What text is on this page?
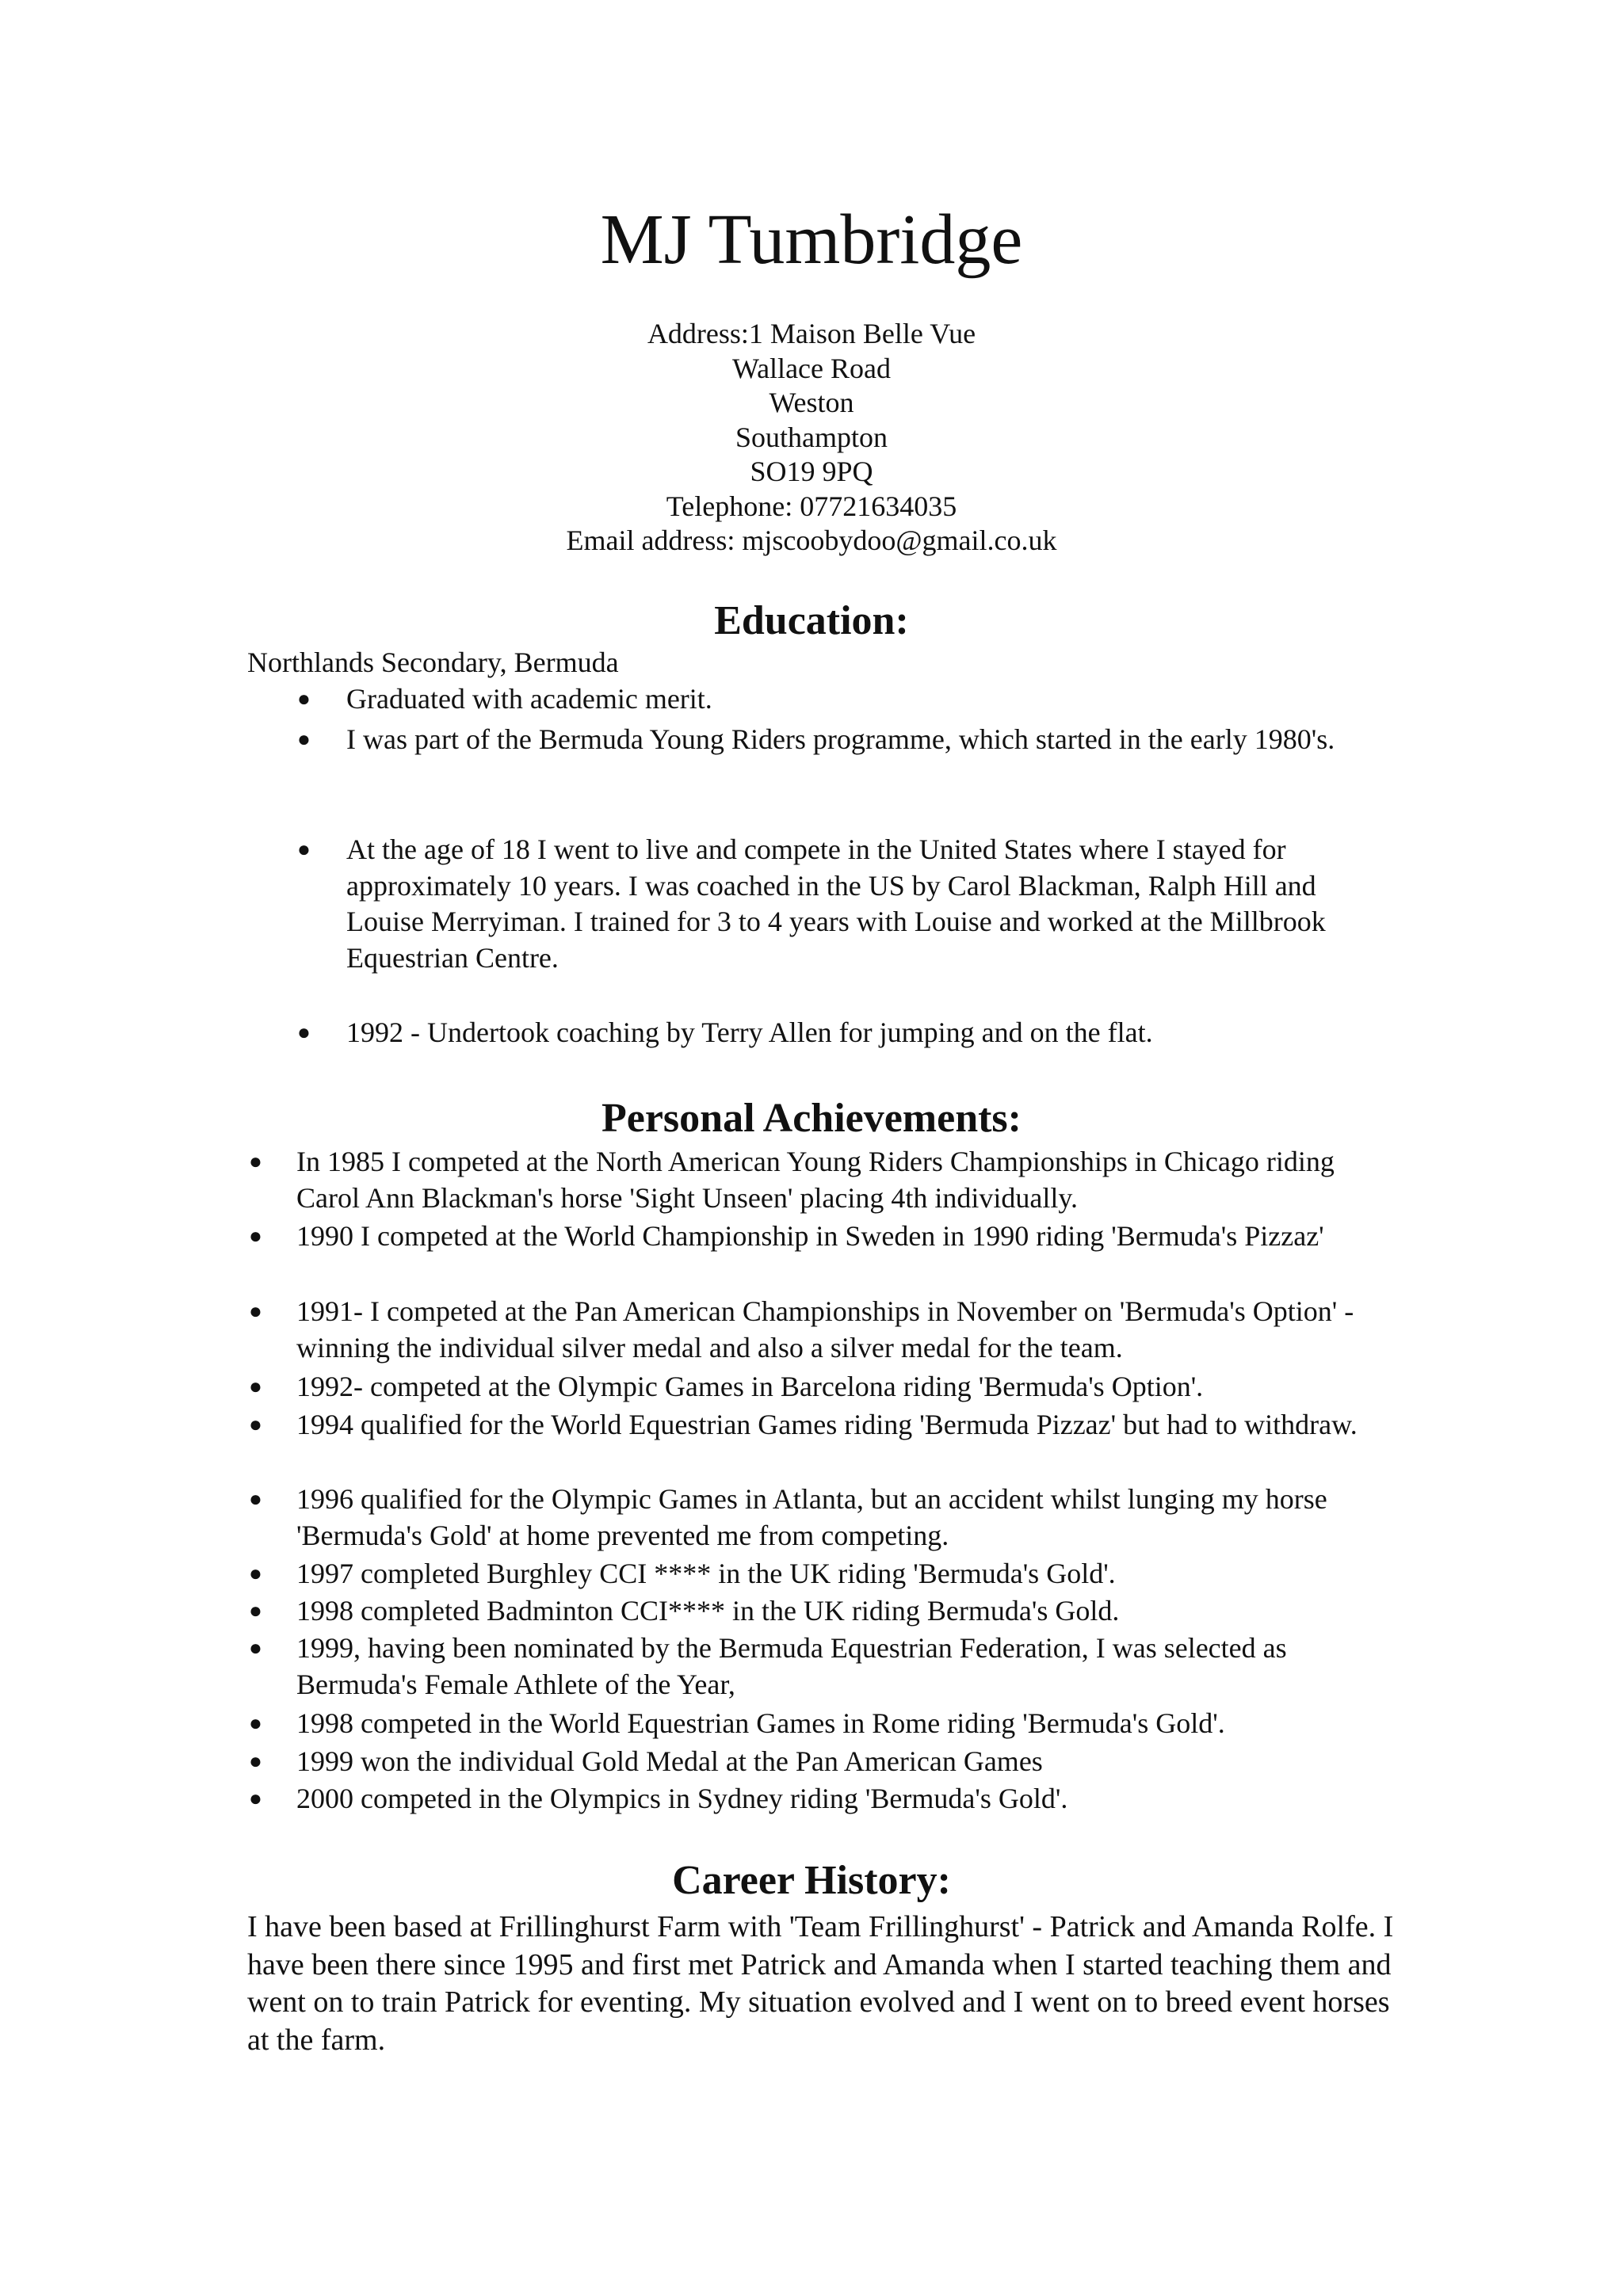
MJ Tumbridge
Address:1 Maison Belle Vue
Wallace Road
Weston
Southampton
SO19 9PQ
Telephone: 07721634035
Email address: mjscoobydoo@gmail.co.uk
Education:
Northlands Secondary, Bermuda
● Graduated with academic merit.
● I was part of the Bermuda Young Riders programme, which started in the early 1980's.
● At the age of 18 I went to live and compete in the United States where I stayed for approximately 10 years. I was coached in the US by Carol Blackman, Ralph Hill and Louise Merryiman. I trained for 3 to 4 years with Louise and worked at the Millbrook Equestrian Centre.
● 1992 - Undertook coaching by Terry Allen for jumping and on the flat.
Personal Achievements:
● In 1985 I competed at the North American Young Riders Championships in Chicago riding Carol Ann Blackman's horse 'Sight Unseen' placing 4th individually.
● 1990 I competed at the World Championship in Sweden in 1990 riding 'Bermuda's Pizzaz'
● 1991- I competed at the Pan American Championships in November on 'Bermuda's Option' - winning the individual silver medal and also a silver medal for the team.
● 1992- competed at the Olympic Games in Barcelona riding 'Bermuda's Option'.
● 1994 qualified for the World Equestrian Games riding 'Bermuda Pizzaz' but had to withdraw.
● 1996 qualified for the Olympic Games in Atlanta, but an accident whilst lunging my horse 'Bermuda's Gold' at home prevented me from competing.
● 1997 completed Burghley CCI **** in the UK riding 'Bermuda's Gold'.
● 1998 completed Badminton CCI**** in the UK riding Bermuda's Gold.
● 1999, having been nominated by the Bermuda Equestrian Federation, I was selected as Bermuda's Female Athlete of the Year,
● 1998 competed in the World Equestrian Games in Rome riding 'Bermuda's Gold'.
● 1999 won the individual Gold Medal at the Pan American Games
● 2000 competed in the Olympics in Sydney riding 'Bermuda's Gold'.
Career History:
I have been based at Frillinghurst Farm with 'Team Frillinghurst' - Patrick and Amanda Rolfe. I have been there since 1995 and first met Patrick and Amanda when I started teaching them and went on to train Patrick for eventing. My situation evolved and I went on to breed event horses at the farm.
